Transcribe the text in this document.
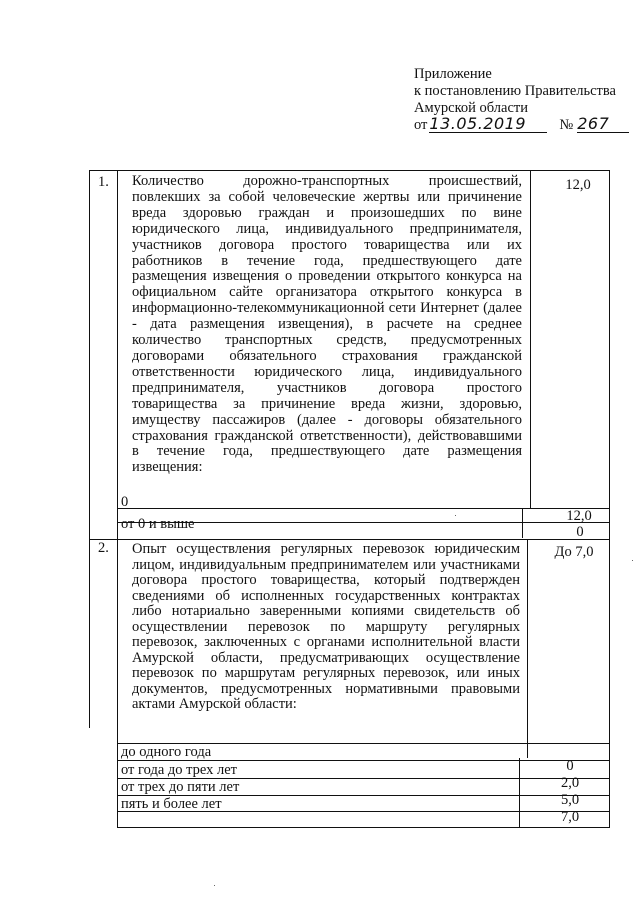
Приложение
к постановлению Правительства
Амурской области
от 13.05.2019 № 267
1. Количество дорожно-транспортных происшествий, повлекших за собой человеческие жертвы или причинение вреда здоровью граждан и произошедших по вине юридического лица, индивидуального предпринимателя, участников договора простого товарищества или их работников в течение года, предшествующего дате размещения извещения о проведении открытого конкурса на официальном сайте организатора открытого конкурса в информационно-телекоммуникационной сети Интернет (далее - дата размещения извещения), в расчете на среднее количество транспортных средств, предусмотренных договорами обязательного страхования гражданской ответственности юридического лица, индивидуального предпринимателя, участников договора простого товарищества за причинение вреда жизни, здоровью, имуществу пассажиров (далее - договоры обязательного страхования гражданской ответственности), действовавшими в течение года, предшествующего дате размещения извещения:
12,0
0
12,0
от 0 и выше	0
2. Опыт осуществления регулярных перевозок юридическим лицом, индивидуальным предпринимателем или участниками договора простого товарищества, который подтвержден сведениями об исполненных государственных контрактах либо нотариально заверенными копиями свидетельств об осуществлении перевозок по маршруту регулярных перевозок, заключенных с органами исполнительной власти Амурской области, предусматривающих осуществление перевозок по маршрутам регулярных перевозок, или иных документов, предусмотренных нормативными правовыми актами Амурской области:
До 7,0
до одного года
0
от года до трех лет
2,0
от трех до пяти лет
5,0
пять и более лет
7,0
